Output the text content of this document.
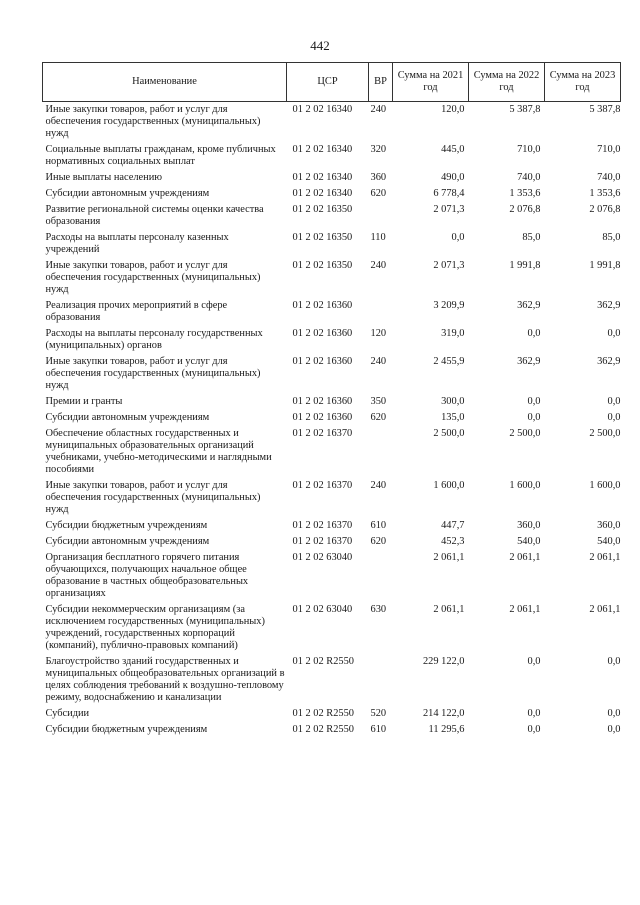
442
Наименование	ЦСР	ВР	Сумма на 2021 год	Сумма на 2022 год	Сумма на 2023 год
Иные закупки товаров, работ и услуг для обеспечения государственных (муниципальных) нужд	01 2 02 16340	240	120,0	5 387,8	5 387,8
Социальные выплаты гражданам, кроме публичных нормативных социальных выплат	01 2 02 16340	320	445,0	710,0	710,0
Иные выплаты населению	01 2 02 16340	360	490,0	740,0	740,0
Субсидии автономным учреждениям	01 2 02 16340	620	6 778,4	1 353,6	1 353,6
Развитие региональной системы оценки качества образования	01 2 02 16350		2 071,3	2 076,8	2 076,8
Расходы на выплаты персоналу казенных учреждений	01 2 02 16350	110	0,0	85,0	85,0
Иные закупки товаров, работ и услуг для обеспечения государственных (муниципальных) нужд	01 2 02 16350	240	2 071,3	1 991,8	1 991,8
Реализация прочих мероприятий в сфере образования	01 2 02 16360		3 209,9	362,9	362,9
Расходы на выплаты персоналу государственных (муниципальных) органов	01 2 02 16360	120	319,0	0,0	0,0
Иные закупки товаров, работ и услуг для обеспечения государственных (муниципальных) нужд	01 2 02 16360	240	2 455,9	362,9	362,9
Премии и гранты	01 2 02 16360	350	300,0	0,0	0,0
Субсидии автономным учреждениям	01 2 02 16360	620	135,0	0,0	0,0
Обеспечение областных государственных и муниципальных образовательных организаций учебниками, учебно-методическими и наглядными пособиями	01 2 02 16370		2 500,0	2 500,0	2 500,0
Иные закупки товаров, работ и услуг для обеспечения государственных (муниципальных) нужд	01 2 02 16370	240	1 600,0	1 600,0	1 600,0
Субсидии бюджетным учреждениям	01 2 02 16370	610	447,7	360,0	360,0
Субсидии автономным учреждениям	01 2 02 16370	620	452,3	540,0	540,0
Организация бесплатного горячего питания обучающихся, получающих начальное общее образование в частных общеобразовательных организациях	01 2 02 63040		2 061,1	2 061,1	2 061,1
Субсидии некоммерческим организациям (за исключением государственных (муниципальных) учреждений, государственных корпораций (компаний), публично-правовых компаний)	01 2 02 63040	630	2 061,1	2 061,1	2 061,1
Благоустройство зданий государственных и муниципальных общеобразовательных организаций в целях соблюдения требований к воздушно-тепловому режиму, водоснабжению и канализации	01 2 02 R2550		229 122,0	0,0	0,0
Субсидии	01 2 02 R2550	520	214 122,0	0,0	0,0
Субсидии бюджетным учреждениям	01 2 02 R2550	610	11 295,6	0,0	0,0
